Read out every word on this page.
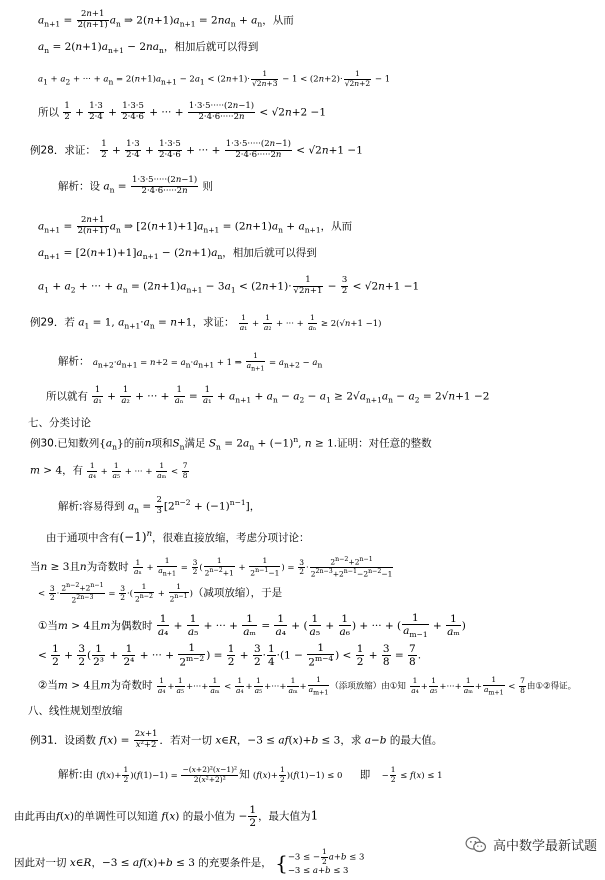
$a_{n+1} = \frac{2n+1}{2(n+1)} a_n$ ⇒ $2(n+1)a_{n+1} = 2na_n + a_n$，从而
$a_n = 2(n+1)a_{n+1} - 2na_n$，相加后就可以得到
$a_1 + a_2$ + ··· + $a_n = 2(n+1)a_{n+1} - 2a_1 < (2n+1)\cdot \frac{1}{√2n+3} - 1 < (2n+2)\cdot \frac{1}{√2n+2} - 1$
所以 $\frac{1}{2} + \frac{1\cdot 3}{2\cdot 4} + \frac{1\cdot 3\cdot 5}{2\cdot 4\cdot 6}$ + ··· + $\frac{1\cdot 3\cdot 5\cdot\cdot\cdot\cdot\cdot(2n-1)}{2\cdot 4\cdot 6\cdot\cdot\cdot\cdot\cdot 2n} < √2n+2 -1$
例28．求证： $\frac{1}{2} + \frac{1\cdot 3}{2\cdot 4} + \frac{1\cdot 3\cdot 5}{2\cdot 4\cdot 6}$ + ··· + $\frac{1\cdot 3\cdot 5\cdot\cdot\cdot\cdot\cdot(2n-1)}{2\cdot 4\cdot 6\cdot\cdot\cdot\cdot\cdot 2n} < √2n+1 -1$
解析：设 $a_n = \frac{1\cdot 3\cdot 5\cdot\cdot\cdot\cdot\cdot(2n-1)}{2\cdot 4\cdot 6\cdot\cdot\cdot\cdot\cdot 2n}$ 则
$a_{n+1} = \frac{2n+1}{2(n+1)} a_n$ ⇒ $[2(n+1)+1]a_{n+1} = (2n+1)a_n + a_{n+1}$，从而
$a_{n+1} = [2(n+1)+1]a_{n+1} - (2n+1)a_n$，相加后就可以得到
$a_1 + a_2$ + ··· + $a_n = (2n+1)a_{n+1} - 3a_1 < (2n+1)\cdot \frac{1}{√2n+1} - \frac{3}{2} < √2n+1 -1$
例29．若 $a_1 = 1$, $a_{n+1}\cdot a_n = n+1$，求证： $\frac{1}{\text{a₁}} + \frac{1}{\text{a₂}}$ + ··· + $\frac{1}{\text{aₙ}} \ge 2(√n+1 -1)$
解析： $a_{n+2}\cdot a_{n+1} = n+2 = a_n\cdot a_{n+1} + 1$ ⇒ $\frac{1}{a_{n+1}} = a_{n+2} - a_n$
所以就有 $\frac{1}{\text{a₁}} + \frac{1}{\text{a₂}}$ + ··· + $\frac{1}{\text{aₙ}} = \frac{1}{\text{a₁}} + a_{n+1} + a_n - a_2 - a_1 \ge 2√a_{n+1}a_n - a_2 = 2√n+1 -2$
七、分类讨论
例30.已知数列$\{a_n\}$的前n项和$S_n$满足 $S_n = 2a_n + (-1)^n$, n ≥ 1.证明：对任意的整数
m > 4，有 $\frac{1}{\text{a₄}} + \frac{1}{\text{a₅}}$ + ··· + $\frac{1}{\text{aₘ}} < \frac{7}{8}$
解析:容易得到 $a_n = \frac{2}{3} [2^{n-2} + (-1)^{n-1}]$，
由于通项中含有$(-1)^n$，很难直接放缩，考虑分项讨论：
当n ≥ 3且n为奇数时 $\frac{1}{\text{aₙ}} + \frac{1}{a_{n+1}} = \frac{3}{2}$ ( $\frac{1}{2^{n-2}+1} + \frac{1}{2^{n-1}-1}$ ) = $\frac{3}{2} \cdot \frac{2^{n-2}+2^{n-1}}{2^{2n-3}+2^{n-1}-2^{n-2}-1}$
< $\frac{3}{2} \cdot \frac{2^{n-2}+2^{n-1}}{2^{2n-3}} = \frac{3}{2}$ ·( $\frac{1}{2^{n-2}} + \frac{1}{2^{n-1}}$ )（减项放缩），于是
①当m > 4且m为偶数时 $\frac{1}{\text{a₄}} + \frac{1}{\text{a₅}}$ + ··· + $\frac{1}{\text{aₘ}} = \frac{1}{\text{a₄}}$ + ( $\frac{1}{\text{a₅}} + \frac{1}{\text{a₆}}$ ) + ··· + ( $\frac{1}{a_{m-1}} + \frac{1}{\text{aₘ}}$ )
< $\frac{1}{2} + \frac{3}{2}$ ( $\frac{1}{\text{2³}} + \frac{1}{\text{2⁴}}$ + ··· + $\frac{1}{2^{m-2}}$ ) = $\frac{1}{2} + \frac{3}{2} \cdot \frac{1}{4} \cdot(1 - \frac{1}{2^{m-4}}$ ) < $\frac{1}{2} + \frac{3}{8} = \frac{7}{8}$ .
②当m > 4且m为奇数时 $\frac{1}{\text{a₄}} + \frac{1}{\text{a₅}}$ +···+ $\frac{1}{\text{aₘ}} < \frac{1}{\text{a₄}} + \frac{1}{\text{a₅}}$ +···+ $\frac{1}{\text{aₘ}} + \frac{1}{a_{m+1}}$ （添项放缩）由①知 $\frac{1}{\text{a₄}} + \frac{1}{\text{a₅}}$ +···+ $\frac{1}{\text{aₘ}} + \frac{1}{a_{m+1}} < \frac{7}{8}$ 由①②得证。
八、线性规划型放缩
例31．设函数 $f(x) = \frac{2x+1}{\text{x²+2}}$ ．若对一切 x∈R，−3 ≤ af(x)+b ≤ 3，求 a−b 的最大值。
解析:由 $(f(x)+ \frac{1}{2} )(f(1)-1) = \frac{\text{−(x+2)²(x−1)²}}{\text{2(x²+2)²}}$ 知 $(f(x)+ \frac{1}{2} )(f(1)-1) \le 0$ 即 − $\frac{1}{2} \le f(x) \le 1$
由此再由f(x)的单调性可以知道 f(x) 的最小值为 − $\frac{1}{2}$ ，最大值为1
因此对一切 x∈R，−3 ≤ af(x)+b ≤ 3 的充要条件是， {−3 ≤ − $\frac{1}{2} a+b \le 3$
−3 ≤ a+b ≤ 3
高中数学最新试题
